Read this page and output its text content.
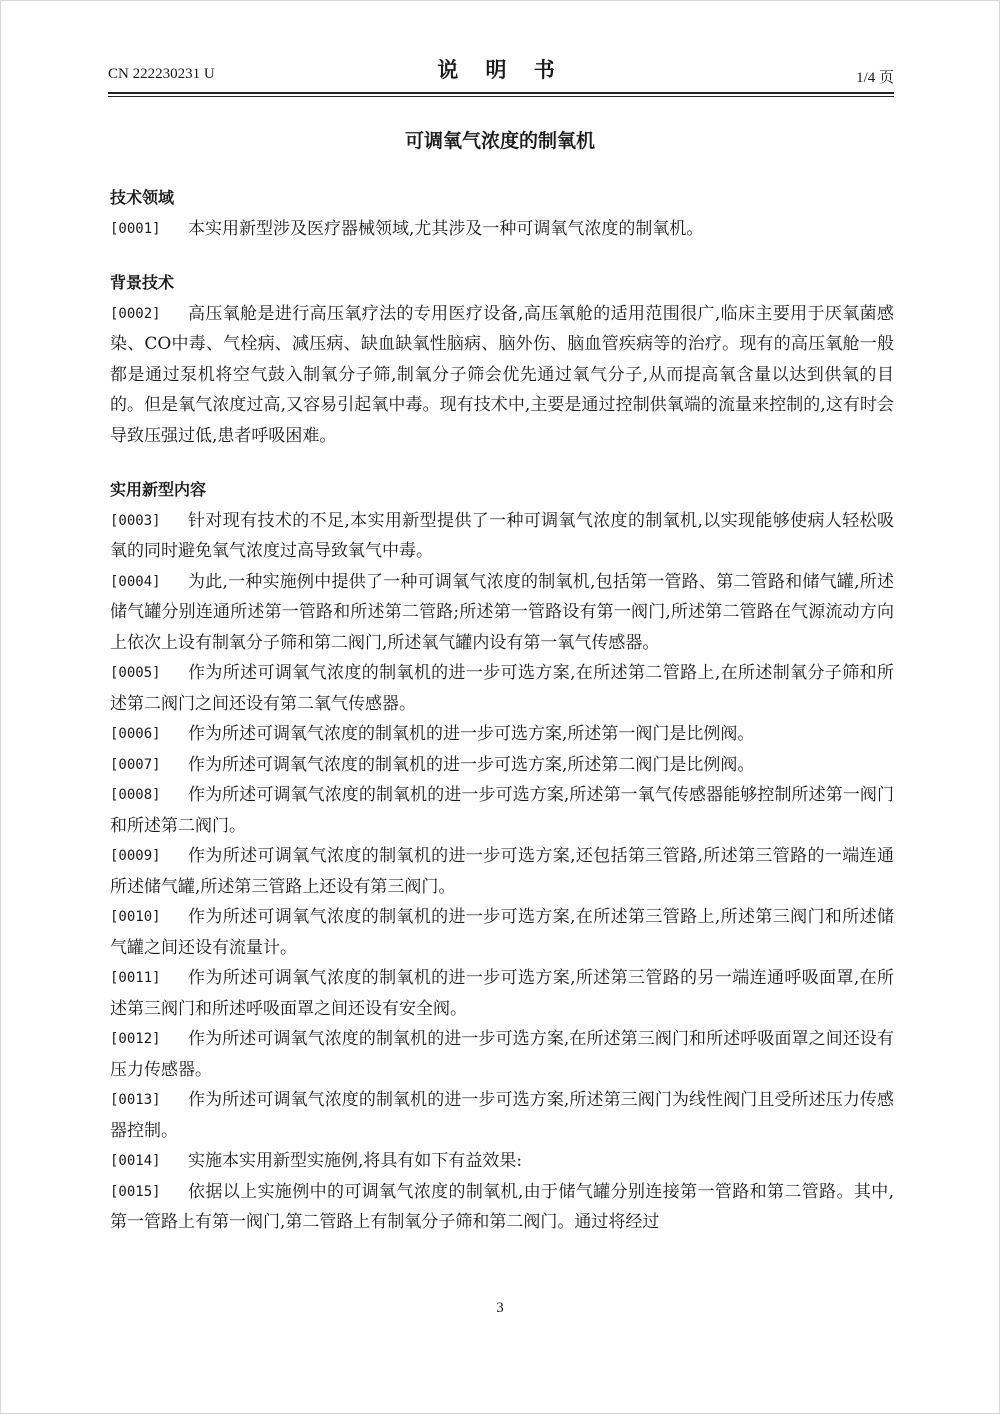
CN 222230231 U	说 明 书	1/4 页
可调氧气浓度的制氧机
技术领域
[0001]	本实用新型涉及医疗器械领域,尤其涉及一种可调氧气浓度的制氧机。
背景技术
[0002]	高压氧舱是进行高压氧疗法的专用医疗设备,高压氧舱的适用范围很广,临床主要用于厌氧菌感染、CO中毒、气栓病、减压病、缺血缺氧性脑病、脑外伤、脑血管疾病等的治疗。现有的高压氧舱一般都是通过泵机将空气鼓入制氧分子筛,制氧分子筛会优先通过氧气分子,从而提高氧含量以达到供氧的目的。但是氧气浓度过高,又容易引起氧中毒。现有技术中,主要是通过控制供氧端的流量来控制的,这有时会导致压强过低,患者呼吸困难。
实用新型内容
[0003]	针对现有技术的不足,本实用新型提供了一种可调氧气浓度的制氧机,以实现能够使病人轻松吸氧的同时避免氧气浓度过高导致氧气中毒。
[0004]	为此,一种实施例中提供了一种可调氧气浓度的制氧机,包括第一管路、第二管路和储气罐,所述储气罐分别连通所述第一管路和所述第二管路;所述第一管路设有第一阀门,所述第二管路在气源流动方向上依次上设有制氧分子筛和第二阀门,所述氧气罐内设有第一氧气传感器。
[0005]	作为所述可调氧气浓度的制氧机的进一步可选方案,在所述第二管路上,在所述制氧分子筛和所述第二阀门之间还设有第二氧气传感器。
[0006]	作为所述可调氧气浓度的制氧机的进一步可选方案,所述第一阀门是比例阀。
[0007]	作为所述可调氧气浓度的制氧机的进一步可选方案,所述第二阀门是比例阀。
[0008]	作为所述可调氧气浓度的制氧机的进一步可选方案,所述第一氧气传感器能够控制所述第一阀门和所述第二阀门。
[0009]	作为所述可调氧气浓度的制氧机的进一步可选方案,还包括第三管路,所述第三管路的一端连通所述储气罐,所述第三管路上还设有第三阀门。
[0010]	作为所述可调氧气浓度的制氧机的进一步可选方案,在所述第三管路上,所述第三阀门和所述储气罐之间还设有流量计。
[0011]	作为所述可调氧气浓度的制氧机的进一步可选方案,所述第三管路的另一端连通呼吸面罩,在所述第三阀门和所述呼吸面罩之间还设有安全阀。
[0012]	作为所述可调氧气浓度的制氧机的进一步可选方案,在所述第三阀门和所述呼吸面罩之间还设有压力传感器。
[0013]	作为所述可调氧气浓度的制氧机的进一步可选方案,所述第三阀门为线性阀门且受所述压力传感器控制。
[0014]	实施本实用新型实施例,将具有如下有益效果:
[0015]	依据以上实施例中的可调氧气浓度的制氧机,由于储气罐分别连接第一管路和第二管路。其中,第一管路上有第一阀门,第二管路上有制氧分子筛和第二阀门。通过将经过
3
